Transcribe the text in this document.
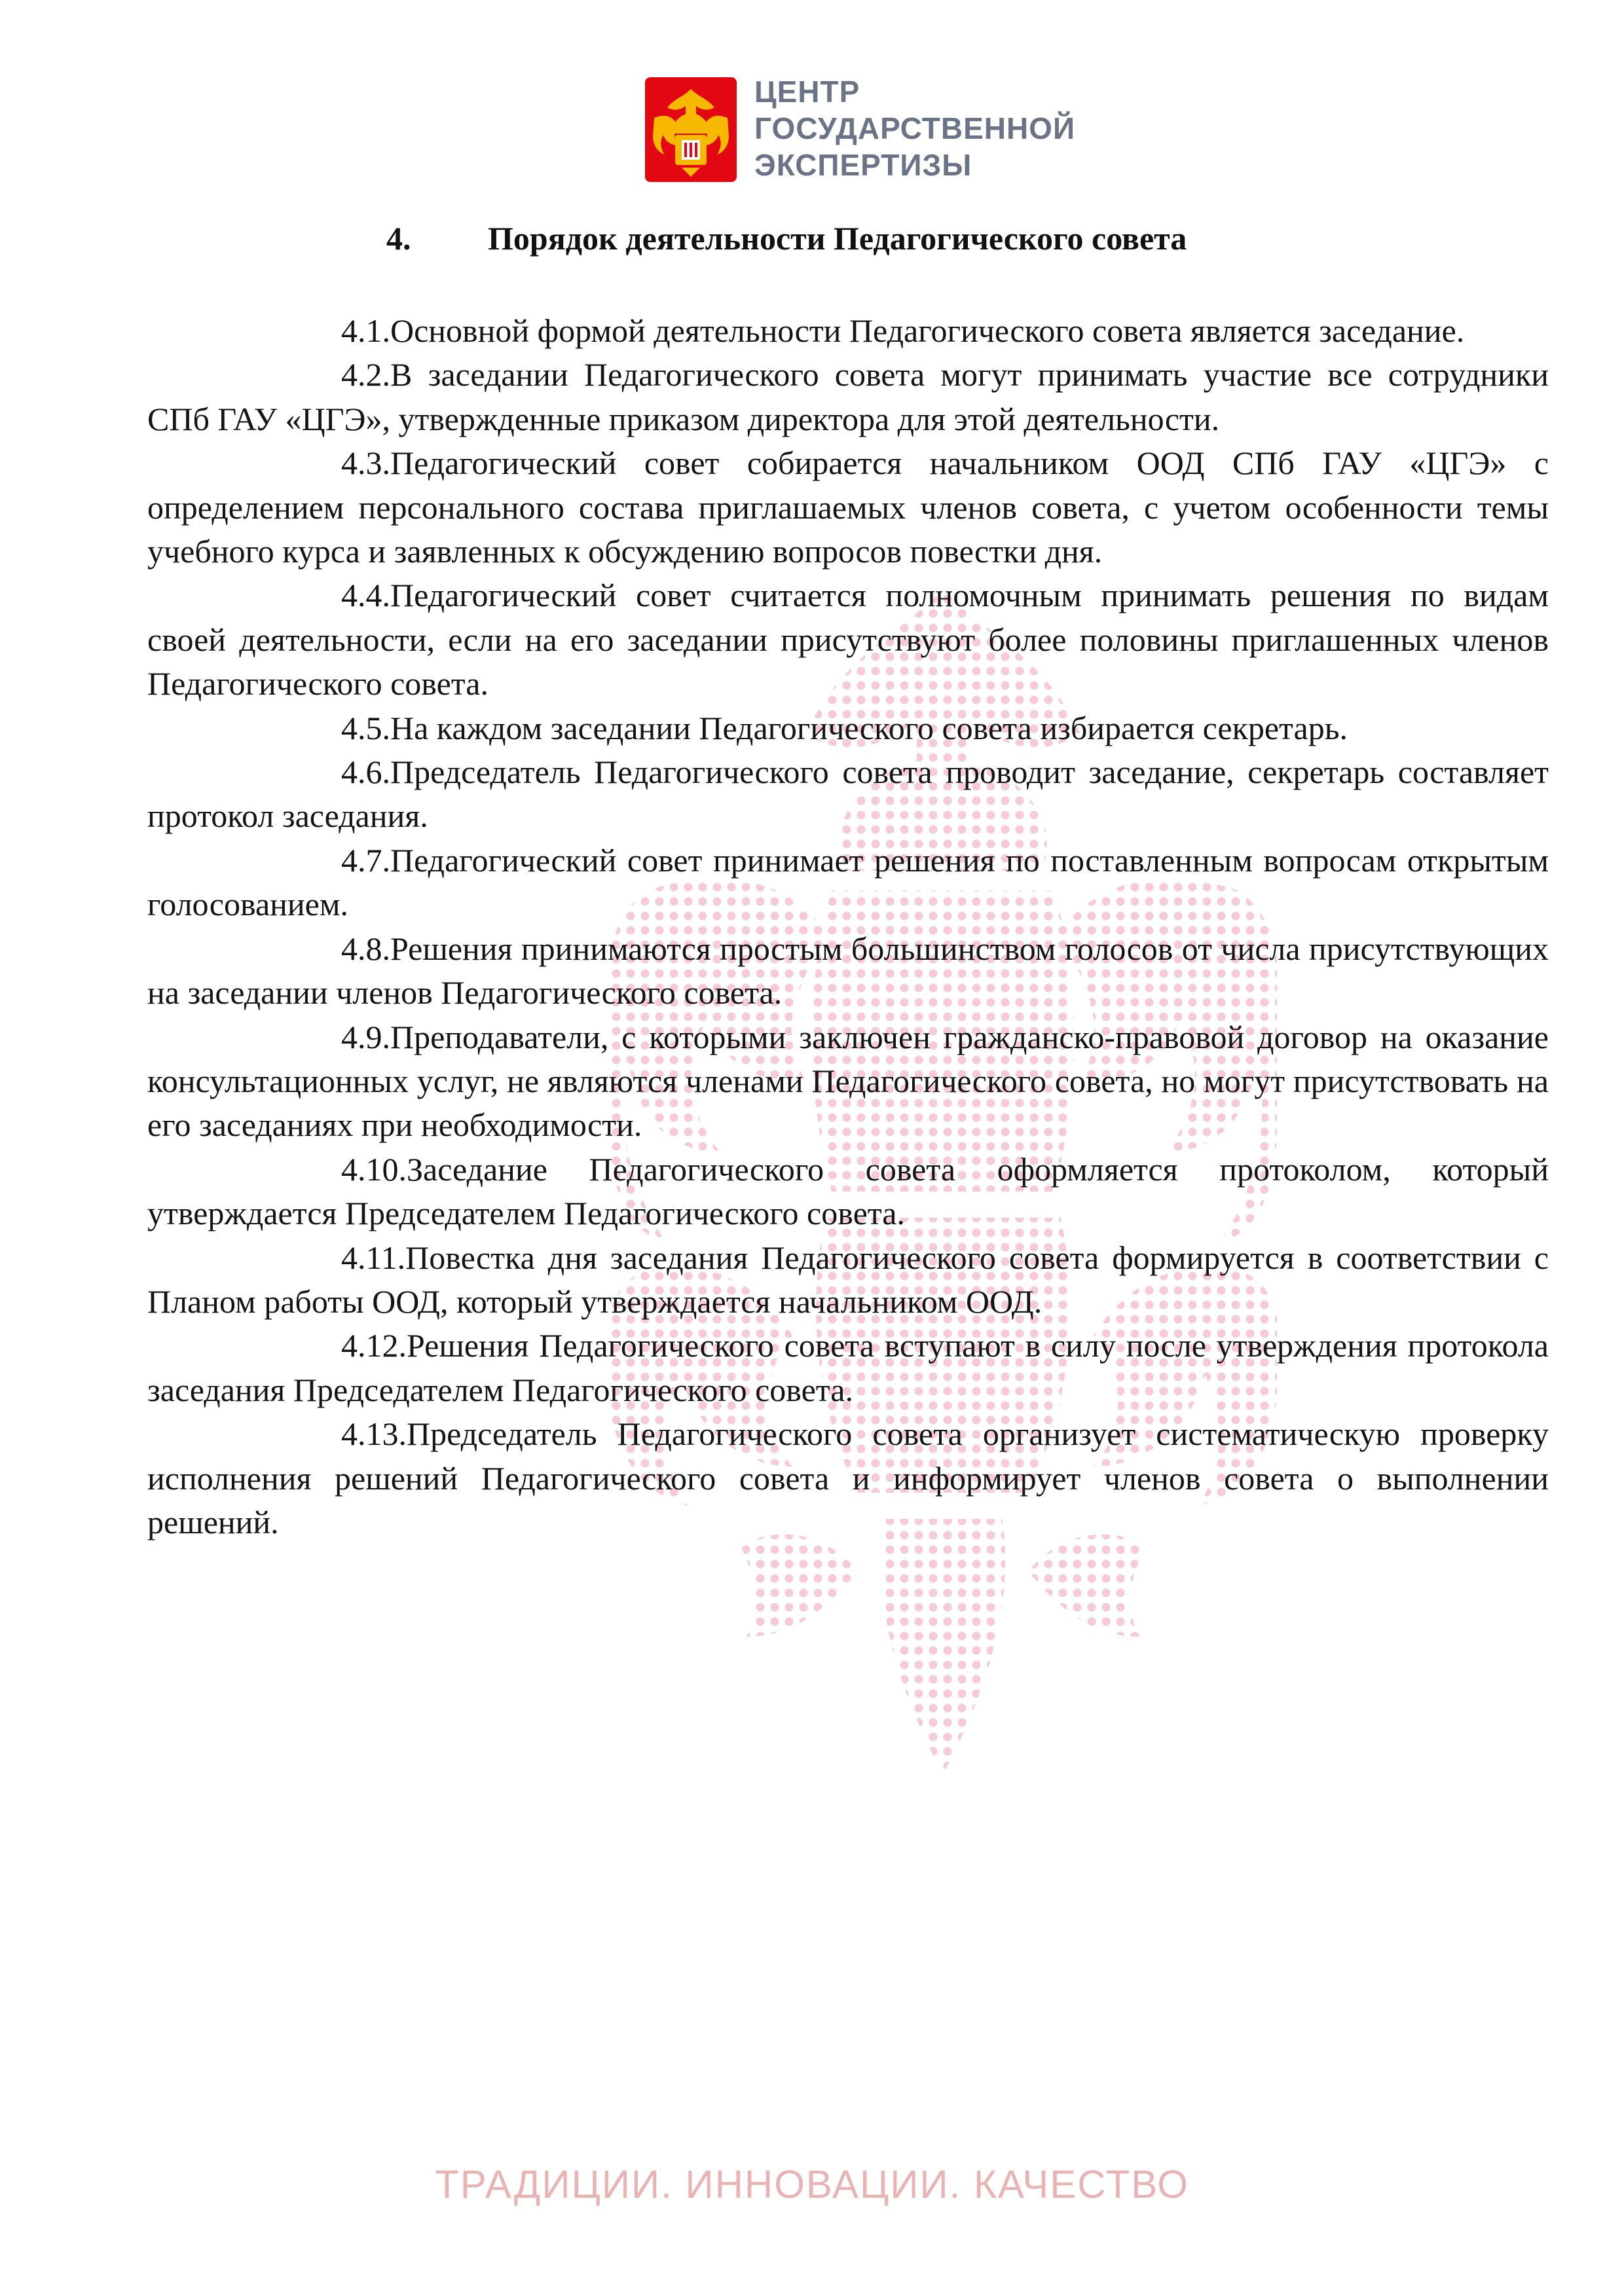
ЦЕНТР
ГОСУДАРСТВЕННОЙ
ЭКСПЕРТИЗЫ
4. Порядок деятельности Педагогического совета

4.1.Основной формой деятельности Педагогического совета является заседание.

4.2.В заседании Педагогического совета могут принимать участие все сотрудники СПб ГАУ «ЦГЭ», утвержденные приказом директора для этой деятельности.

4.3.Педагогический совет собирается начальником ООД СПб ГАУ «ЦГЭ» с определением персонального состава приглашаемых членов совета, с учетом особенности темы учебного курса и заявленных к обсуждению вопросов повестки дня.

4.4.Педагогический совет считается полномочным принимать решения по видам своей деятельности, если на его заседании присутствуют более половины приглашенных членов Педагогического совета.

4.5.На каждом заседании Педагогического совета избирается секретарь.

4.6.Председатель Педагогического совета проводит заседание, секретарь составляет протокол заседания.

4.7.Педагогический совет принимает решения по поставленным вопросам открытым голосованием.

4.8.Решения принимаются простым большинством голосов от числа присутствующих на заседании членов Педагогического совета.

4.9.Преподаватели, с которыми заключен гражданско-правовой договор на оказание консультационных услуг, не являются членами Педагогического совета, но могут присутствовать на его заседаниях при необходимости.

4.10.Заседание Педагогического совета оформляется протоколом, который утверждается Председателем Педагогического совета.

4.11.Повестка дня заседания Педагогического совета формируется в соответствии с Планом работы ООД, который утверждается начальником ООД.

4.12.Решения Педагогического совета вступают в силу после утверждения протокола заседания Председателем Педагогического совета.

4.13.Председатель Педагогического совета организует систематическую проверку исполнения решений Педагогического совета и информирует членов совета о выполнении решений.

ТРАДИЦИИ. ИННОВАЦИИ. КАЧЕСТВО
